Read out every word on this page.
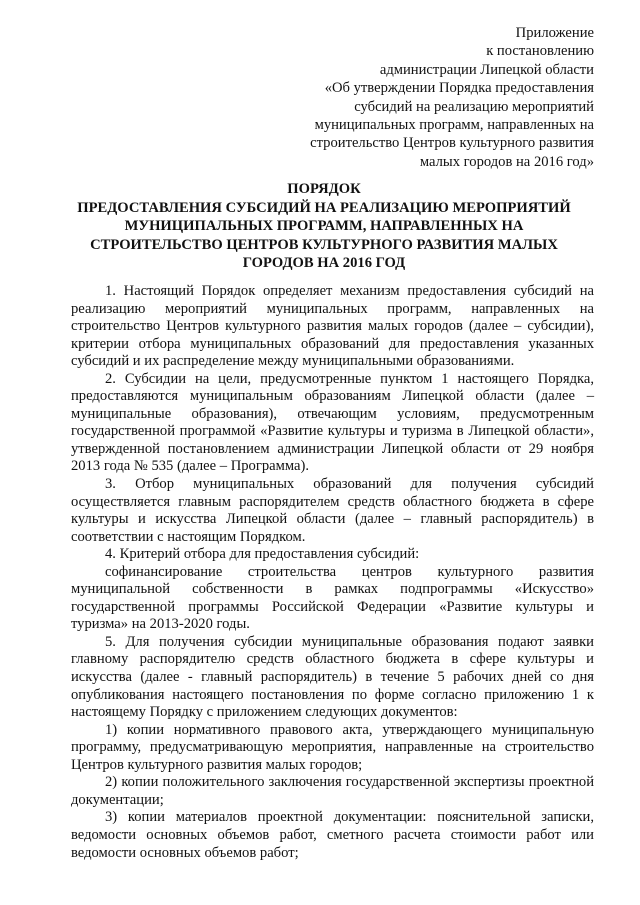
Приложение
к постановлению
администрации Липецкой области
«Об утверждении Порядка предоставления
субсидий на реализацию мероприятий
муниципальных программ, направленных на
строительство Центров культурного развития
малых городов на 2016 год»
ПОРЯДОК
ПРЕДОСТАВЛЕНИЯ СУБСИДИЙ НА РЕАЛИЗАЦИЮ МЕРОПРИЯТИЙ
МУНИЦИПАЛЬНЫХ ПРОГРАММ, НАПРАВЛЕННЫХ НА
СТРОИТЕЛЬСТВО ЦЕНТРОВ КУЛЬТУРНОГО РАЗВИТИЯ МАЛЫХ
ГОРОДОВ НА 2016 ГОД

1. Настоящий Порядок определяет механизм предоставления субсидий на реализацию мероприятий муниципальных программ, направленных на строительство Центров культурного развития малых городов (далее – субсидии), критерии отбора муниципальных образований для предоставления указанных субсидий и их распределение между муниципальными образованиями.

2. Субсидии на цели, предусмотренные пунктом 1 настоящего Порядка, предоставляются муниципальным образованиям Липецкой области (далее – муниципальные образования), отвечающим условиям, предусмотренным государственной программой «Развитие культуры и туризма в Липецкой области», утвержденной постановлением администрации Липецкой области от 29 ноября 2013 года № 535 (далее – Программа).

3. Отбор муниципальных образований для получения субсидий осуществляется главным распорядителем средств областного бюджета в сфере культуры и искусства Липецкой области (далее – главный распорядитель) в соответствии с настоящим Порядком.

4. Критерий отбора для предоставления субсидий:

софинансирование строительства центров культурного развития муниципальной собственности в рамках подпрограммы «Искусство» государственной программы Российской Федерации «Развитие культуры и туризма» на 2013-2020 годы.

5. Для получения субсидии муниципальные образования подают заявки главному распорядителю средств областного бюджета в сфере культуры и искусства (далее - главный распорядитель) в течение 5 рабочих дней со дня опубликования настоящего постановления по форме согласно приложению 1 к настоящему Порядку с приложением следующих документов:

1) копии нормативного правового акта, утверждающего муниципальную программу, предусматривающую мероприятия, направленные на строительство Центров культурного развития малых городов;

2) копии положительного заключения государственной экспертизы проектной документации;

3) копии материалов проектной документации: пояснительной записки, ведомости основных объемов работ, сметного расчета стоимости работ или ведомости основных объемов работ;
